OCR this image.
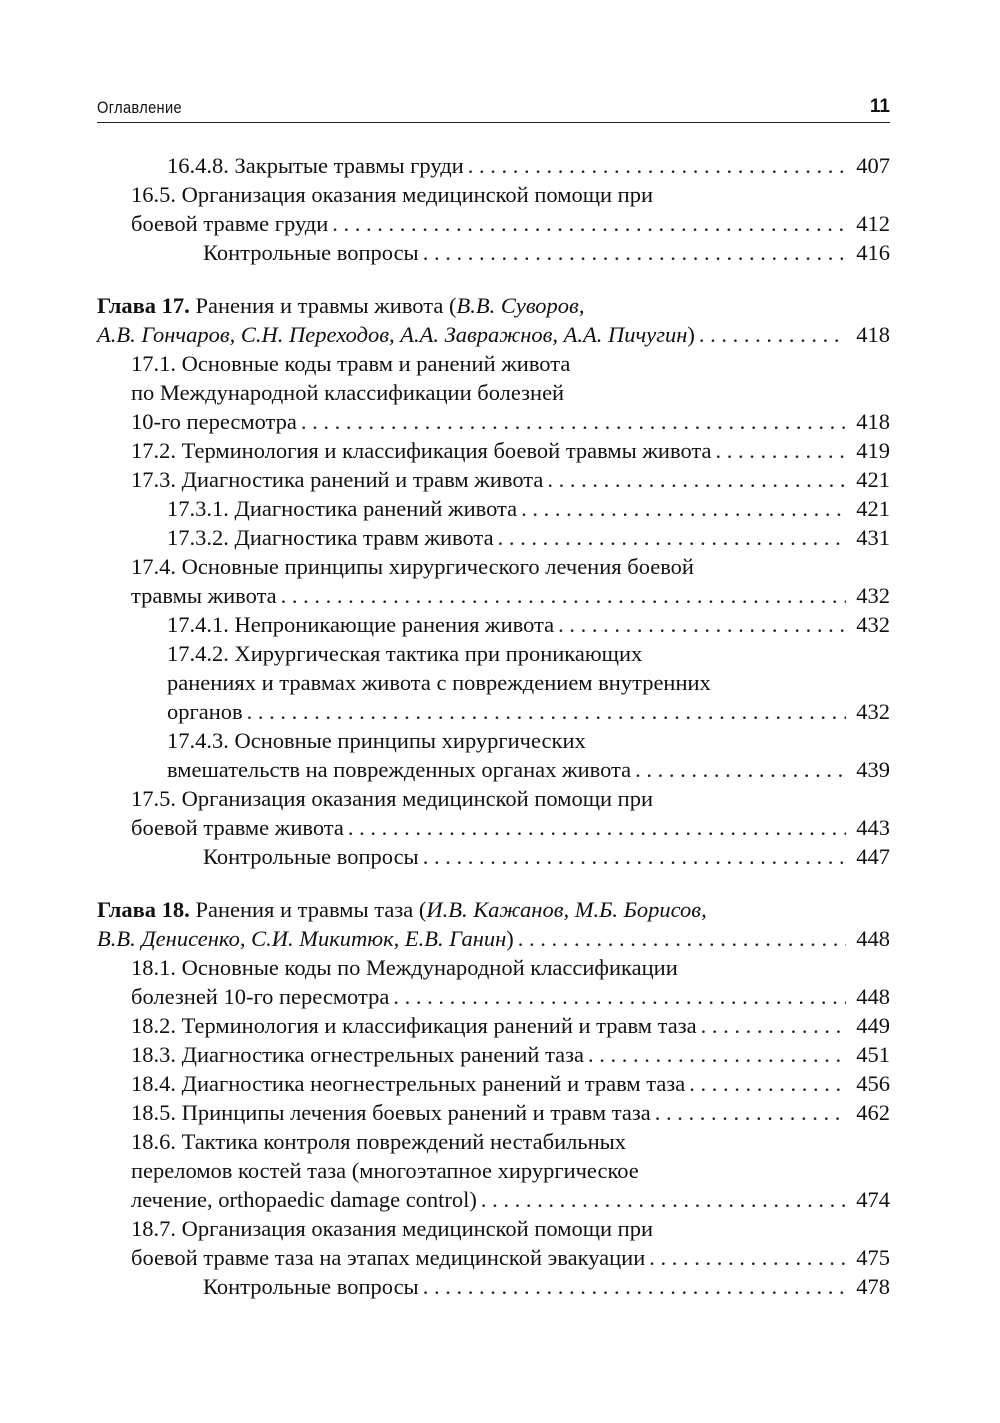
Оглавление	11
16.4.8. Закрытые травмы груди . . .	407
16.5. Организация оказания медицинской помощи при
боевой травме груди . . .	412
Контрольные вопросы . . .	416
Глава 17. Ранения и травмы живота (В.В. Суворов,
А.В. Гончаров, С.Н. Переходов, А.А. Завражнов, А.А. Пичугин) . . .	418
17.1. Основные коды травм и ранений живота
по Международной классификации болезней
10-го пересмотра . . .	418
17.2. Терминология и классификация боевой травмы живота . . .	419
17.3. Диагностика ранений и травм живота . . .	421
17.3.1. Диагностика ранений живота . . .	421
17.3.2. Диагностика травм живота . . .	431
17.4. Основные принципы хирургического лечения боевой
травмы живота . . .	432
17.4.1. Непроникающие ранения живота . . .	432
17.4.2. Хирургическая тактика при проникающих
ранениях и травмах живота с повреждением внутренних
органов . . .	432
17.4.3. Основные принципы хирургических
вмешательств на поврежденных органах живота . . .	439
17.5. Организация оказания медицинской помощи при
боевой травме живота . . .	443
Контрольные вопросы . . .	447
Глава 18. Ранения и травмы таза (И.В. Кажанов, М.Б. Борисов,
В.В. Денисенко, С.И. Микитюк, Е.В. Ганин) . . .	448
18.1. Основные коды по Международной классификации
болезней 10-го пересмотра . . .	448
18.2. Терминология и классификация ранений и травм таза . . .	449
18.3. Диагностика огнестрельных ранений таза . . .	451
18.4. Диагностика неогнестрельных ранений и травм таза . . .	456
18.5. Принципы лечения боевых ранений и травм таза . . .	462
18.6. Тактика контроля повреждений нестабильных
переломов костей таза (многоэтапное хирургическое
лечение, orthopaedic damage control) . . .	474
18.7. Организация оказания медицинской помощи при
боевой травме таза на этапах медицинской эвакуации . . .	475
Контрольные вопросы . . .	478
